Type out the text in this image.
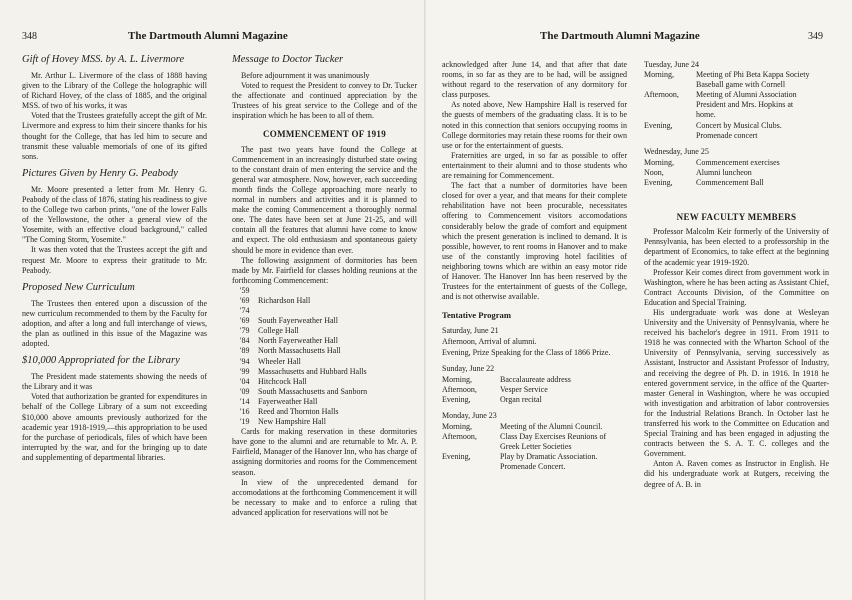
348	The Dartmouth Alumni Magazine
Gift of Hovey MSS. by A. L. Livermore

Mr. Arthur L. Livermore of the class of 1888 having given to the Library of the College the holographic will of Richard Hovey, of the class of 1885, and the original MSS. of two of his works, it was

Voted that the Trustees gratefully accept the gift of Mr. Livermore and express to him their sincere thanks for his thought for the College, that has led him to secure and transmit these valuable memorials of one of its gifted sons.

Pictures Given by Henry G. Peabody

Mr. Moore presented a letter from Mr. Henry G. Peabody of the class of 1876, stating his readiness to give to the College two carbon prints, "one of the lower Falls of the Yellowstone, the other a general view of the Yosemite, with an effective cloud background," called "The Coming Storm, Yosemite."

It was then voted that the Trustees accept the gift and request Mr. Moore to express their gratitude to Mr. Peabody.

Proposed New Curriculum

The Trustees then entered upon a discussion of the new curriculum recommended to them by the Faculty for adoption, and after a long and full interchange of views, the plan as outlined in this issue of the Magazine was adopted.

$10,000 Appropriated for the Library

The President made statements showing the needs of the Library and it was

Voted that authorization be granted for expenditures in behalf of the College Library of a sum not exceeding $10,000 above amounts previously authorized for the academic year 1918-1919,—this appropriation to be used for the purchase of periodicals, files of which have been interrupted by the war, and for the bringing up to date and supplementing of departmental libraries.

Message to Doctor Tucker

Before adjournment it was unanimously

Voted to request the President to convey to Dr. Tucker the affectionate and continued appreciation by the Trustees of his great service to the College and of the inspiration which he has been to all of them.

COMMENCEMENT OF 1919

The past two years have found the College at Commencement in an increasingly disturbed state owing to the constant drain of men entering the service and the general war atmosphere. Now, however, each succeeding month finds the College approaching more nearly to normal in numbers and activities and it is planned to make the coming Commencement a thoroughly normal one. The dates have been set at June 21-25, and will contain all the features that alumni have come to know and expect. The old enthusiasm and spontaneous gaiety should be more in evidence than ever.

The following assignment of dormitories has been made by Mr. Fairfield for classes holding reunions at the forthcoming Commencement:

'59
'69 Richardson Hall
'74
'69 South Fayerweather Hall
'79 College Hall
'84 North Fayerweather Hall
'89 North Massachusetts Hall
'94 Wheeler Hall
'99 Massachusetts and Hubbard Halls
'04 Hitchcock Hall
'09 South Massachusetts and Sanborn
'14 Fayerweather Hall
'16 Reed and Thornton Halls
'19 New Hampshire Hall

Cards for making reservation in these dormitories have gone to the alumni and are returnable to Mr. A. P. Fairfield, Manager of the Hanover Inn, who has charge of assigning dormitories and rooms for the Commencement season.

In view of the unprecedented demand for accomodations at the forthcoming Commencement it will be necessary to make and to enforce a ruling that advanced application for reservations will not be

The Dartmouth Alumni Magazine	349

acknowledged after June 14, and that after that date rooms, in so far as they are to be had, will be assigned without regard to the reservation of any dormitory for class purposes.

As noted above, New Hampshire Hall is reserved for the guests of members of the graduating class. It is to be noted in this connection that seniors occupying rooms in College dormitories may retain these rooms for their own use or for the entertainment of guests.

Fraternities are urged, in so far as possible to offer entertainment to their alumni and to those students who are remaining for Commencement.

The fact that a number of dormitories have been closed for over a year, and that means for their complete rehabilitation have not been procurable, necessitates offering to Commencement visitors accomodations considerably below the grade of comfort and equipment which the present generation is inclined to demand. It is possible, however, to rent rooms in Hanover and to make use of the constantly improving hotel facilities of neighboring towns which are within an easy motor ride of Hanover. The Hanover Inn has been reserved by the Trustees for the entertainment of guests of the College, and is not otherwise available.

Tentative Program
Saturday, June 21
Afternoon, Arrival of alumni.
Evening, Prize Speaking for the Class of 1866 Prize.
Sunday, June 22
Morning,	Baccalaureate address
Afternoon,	Vesper Service
Evening,	Organ recital
Monday, June 23
Morning,	Meeting of the Alumni Council.
Afternoon,	Class Day Exercises Reunions of Greek Letter Societies
Evening,	Play by Dramatic Association. Promenade Concert.
Tuesday, June 24
Morning,	Meeting of Phi Beta Kappa Society Baseball game with Cornell
Afternoon, Meeting of Alumni Association President and Mrs. Hopkins at home.
Evening,	Concert by Musical Clubs. Promenade concert
Wednesday, June 25
Morning,	Commencement exercises
Noon,	Alumni luncheon
Evening,	Commencement Ball
NEW FACULTY MEMBERS

Professor Malcolm Keir formerly of the University of Pennsylvania, has been elected to a professorship in the department of Economics, to take effect at the beginning of the academic year 1919-1920.

Professor Keir comes direct from government work in Washington, where he has been acting as Assistant Chief, Contract Accounts Division, of the Committee on Education and Special Training.

His undergraduate work was done at Wesleyan University and the University of Pennsylvania, where he received his bachelor's degree in 1911. From 1911 to 1918 he was connected with the Wharton School of the University of Pennsylvania, serving successively as Assistant, Instructor and Assistant Professor of Industry, and receiving the degree of Ph. D. in 1916. In 1918 he entered government service, in the office of the Quarter-master General in Washington, where he was occupied with investigation and arbitration of labor controversies for the Industrial Relations Branch. In October last he transferred his work to the Committee on Education and Special Training and has been engaged in adjusting the contracts between the S. A. T. C. colleges and the Government.

Anton A. Raven comes as Instructor in English. He did his undergraduate work at Rutgers, receiving the degree of A. B. in
